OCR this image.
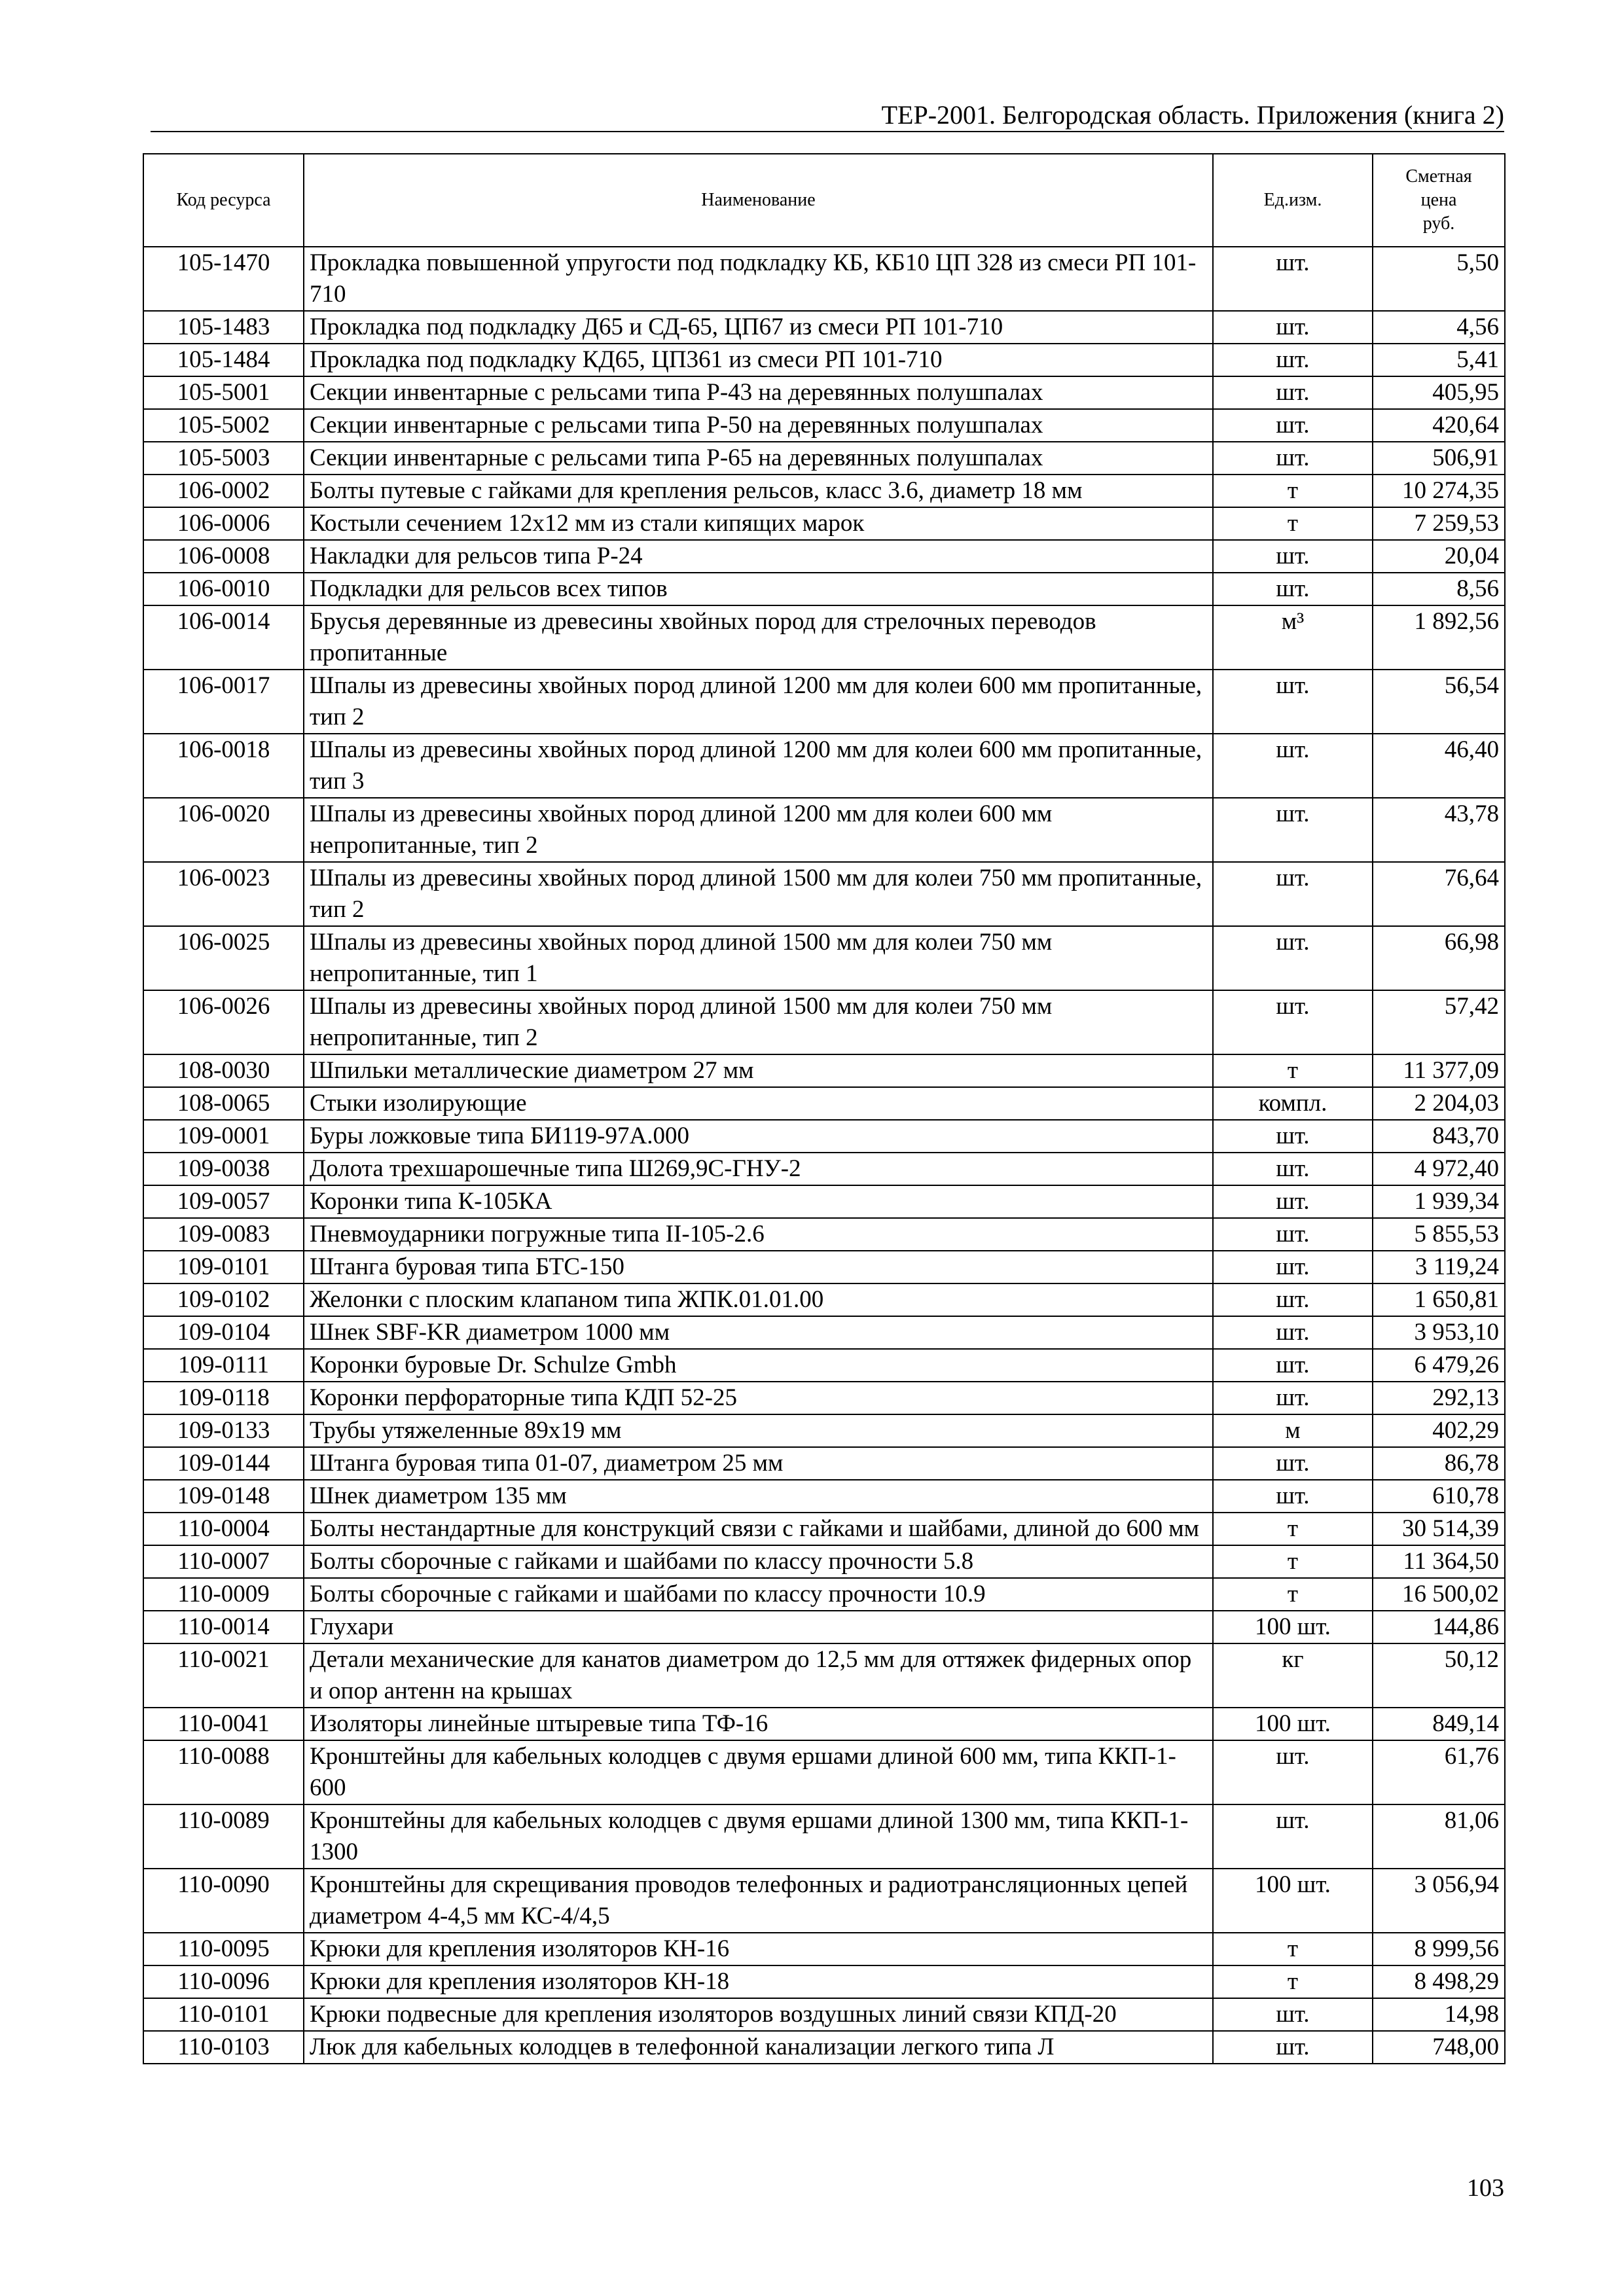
ТЕР-2001. Белгородская область. Приложения (книга 2)
Код ресурса	Наименование	Ед.изм.	Сметная
цена
руб.

105-1470	Прокладка повышенной упругости под подкладку КБ, КБ10 ЦП 328 из смеси РП 101-710	шт.	5,50
105-1483	Прокладка под подкладку Д65 и СД-65, ЦП67 из смеси РП 101-710	шт.	4,56
105-1484	Прокладка под подкладку КД65, ЦП361 из смеси РП 101-710	шт.	5,41
105-5001	Секции инвентарные с рельсами типа Р-43 на деревянных полушпалах	шт.	405,95
105-5002	Секции инвентарные с рельсами типа Р-50 на деревянных полушпалах	шт.	420,64
105-5003	Секции инвентарные с рельсами типа Р-65 на деревянных полушпалах	шт.	506,91
106-0002	Болты путевые с гайками для крепления рельсов, класс 3.6, диаметр 18 мм	т	10 274,35
106-0006	Костыли сечением 12х12 мм из стали кипящих марок	т	7 259,53
106-0008	Накладки для рельсов типа Р-24	шт.	20,04
106-0010	Подкладки для рельсов всех типов	шт.	8,56
106-0014	Брусья деревянные из древесины хвойных пород для стрелочных переводов пропитанные	м³	1 892,56
106-0017	Шпалы из древесины хвойных пород длиной 1200 мм для колеи 600 мм пропитанные, тип 2	шт.	56,54
106-0018	Шпалы из древесины хвойных пород длиной 1200 мм для колеи 600 мм пропитанные, тип 3	шт.	46,40
106-0020	Шпалы из древесины хвойных пород длиной 1200 мм для колеи 600 мм непропитанные, тип 2	шт.	43,78
106-0023	Шпалы из древесины хвойных пород длиной 1500 мм для колеи 750 мм пропитанные, тип 2	шт.	76,64
106-0025	Шпалы из древесины хвойных пород длиной 1500 мм для колеи 750 мм непропитанные, тип 1	шт.	66,98
106-0026	Шпалы из древесины хвойных пород длиной 1500 мм для колеи 750 мм непропитанные, тип 2	шт.	57,42
108-0030	Шпильки металлические диаметром 27 мм	т	11 377,09
108-0065	Стыки изолирующие	компл.	2 204,03
109-0001	Буры ложковые типа БИ119-97А.000	шт.	843,70
109-0038	Долота трехшарошечные типа Ш269,9С-ГНУ-2	шт.	4 972,40
109-0057	Коронки типа К-105КА	шт.	1 939,34
109-0083	Пневмоударники погружные типа II-105-2.6	шт.	5 855,53
109-0101	Штанга буровая типа БТС-150	шт.	3 119,24
109-0102	Желонки с плоским клапаном типа ЖПК.01.01.00	шт.	1 650,81
109-0104	Шнек SBF-KR диаметром 1000 мм	шт.	3 953,10
109-0111	Коронки буровые Dr. Schulze Gmbh	шт.	6 479,26
109-0118	Коронки перфораторные типа КДП 52-25	шт.	292,13
109-0133	Трубы утяжеленные 89х19 мм	м	402,29
109-0144	Штанга буровая типа 01-07, диаметром 25 мм	шт.	86,78
109-0148	Шнек диаметром 135 мм	шт.	610,78
110-0004	Болты нестандартные для конструкций связи с гайками и шайбами, длиной до 600 мм	т	30 514,39
110-0007	Болты сборочные с гайками и шайбами по классу прочности 5.8	т	11 364,50
110-0009	Болты сборочные с гайками и шайбами по классу прочности 10.9	т	16 500,02
110-0014	Глухари	100 шт.	144,86
110-0021	Детали механические для канатов диаметром до 12,5 мм для оттяжек фидерных опор и опор антенн на крышах	кг	50,12
110-0041	Изоляторы линейные штыревые типа ТФ-16	100 шт.	849,14
110-0088	Кронштейны для кабельных колодцев с двумя ершами длиной 600 мм, типа ККП-1-600	шт.	61,76
110-0089	Кронштейны для кабельных колодцев с двумя ершами длиной 1300 мм, типа ККП-1-1300	шт.	81,06
110-0090	Кронштейны для скрещивания проводов телефонных и радиотрансляционных цепей диаметром 4-4,5 мм КС-4/4,5	100 шт.	3 056,94
110-0095	Крюки для крепления изоляторов КН-16	т	8 999,56
110-0096	Крюки для крепления изоляторов КН-18	т	8 498,29
110-0101	Крюки подвесные для крепления изоляторов воздушных линий связи КПД-20	шт.	14,98
110-0103	Люк для кабельных колодцев в телефонной канализации легкого типа Л	шт.	748,00
103
